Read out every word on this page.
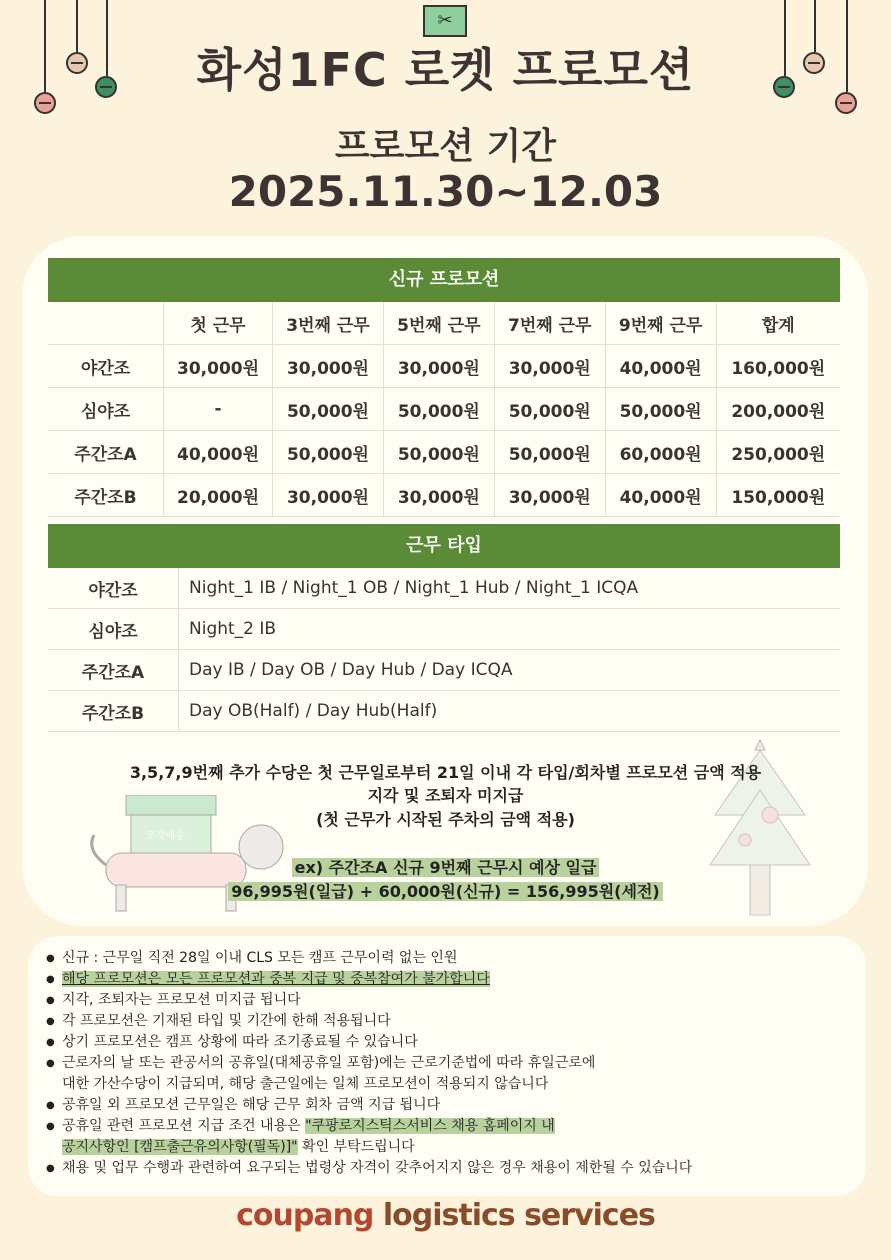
✂
화성1FC 로켓 프로모션
프로모션 기간
2025.11.30~12.03
로켓배송
신규 프로모션
	첫 근무	3번째 근무	5번째 근무	7번째 근무	9번째 근무	합계
야간조	30,000원	30,000원	30,000원	30,000원	40,000원	160,000원
심야조	-	50,000원	50,000원	50,000원	50,000원	200,000원
주간조A	40,000원	50,000원	50,000원	50,000원	60,000원	250,000원
주간조B	20,000원	30,000원	30,000원	30,000원	40,000원	150,000원
근무 타입
야간조	Night_1 IB / Night_1 OB / Night_1 Hub / Night_1 ICQA
심야조	Night_2 IB
주간조A	Day IB / Day OB / Day Hub / Day ICQA
주간조B	Day OB(Half) / Day Hub(Half)
3,5,7,9번째 추가 수당은 첫 근무일로부터 21일 이내 각 타입/회차별 프로모션 금액 적용
지각 및 조퇴자 미지급
(첫 근무가 시작된 주차의 금액 적용)
ex) 주간조A 신규 9번째 근무시 예상 일급
96,995원(일급) + 60,000원(신규) = 156,995원(세전)
● 신규 : 근무일 직전 28일 이내 CLS 모든 캠프 근무이력 없는 인원
● 해당 프로모션은 모든 프로모션과 중복 지급 및 중복참여가 불가합니다
● 지각, 조퇴자는 프로모션 미지급 됩니다
● 각 프로모션은 기재된 타입 및 기간에 한해 적용됩니다
● 상기 프로모션은 캠프 상황에 따라 조기종료될 수 있습니다
● 근로자의 날 또는 관공서의 공휴일(대체공휴일 포함)에는 근로기준법에 따라 휴일근로에
대한 가산수당이 지급되며, 해당 출근일에는 일체 프로모션이 적용되지 않습니다
● 공휴일 외 프로모션 근무일은 해당 근무 회차 금액 지급 됩니다
● 공휴일 관련 프로모션 지급 조건 내용은 "쿠팡로지스틱스서비스 채용 홈페이지 내
공지사항인 [캠프출근유의사항(필독)]" 확인 부탁드립니다
● 채용 및 업무 수행과 관련하여 요구되는 법령상 자격이 갖추어지지 않은 경우 채용이 제한될 수 있습니다
coupang logistics services
